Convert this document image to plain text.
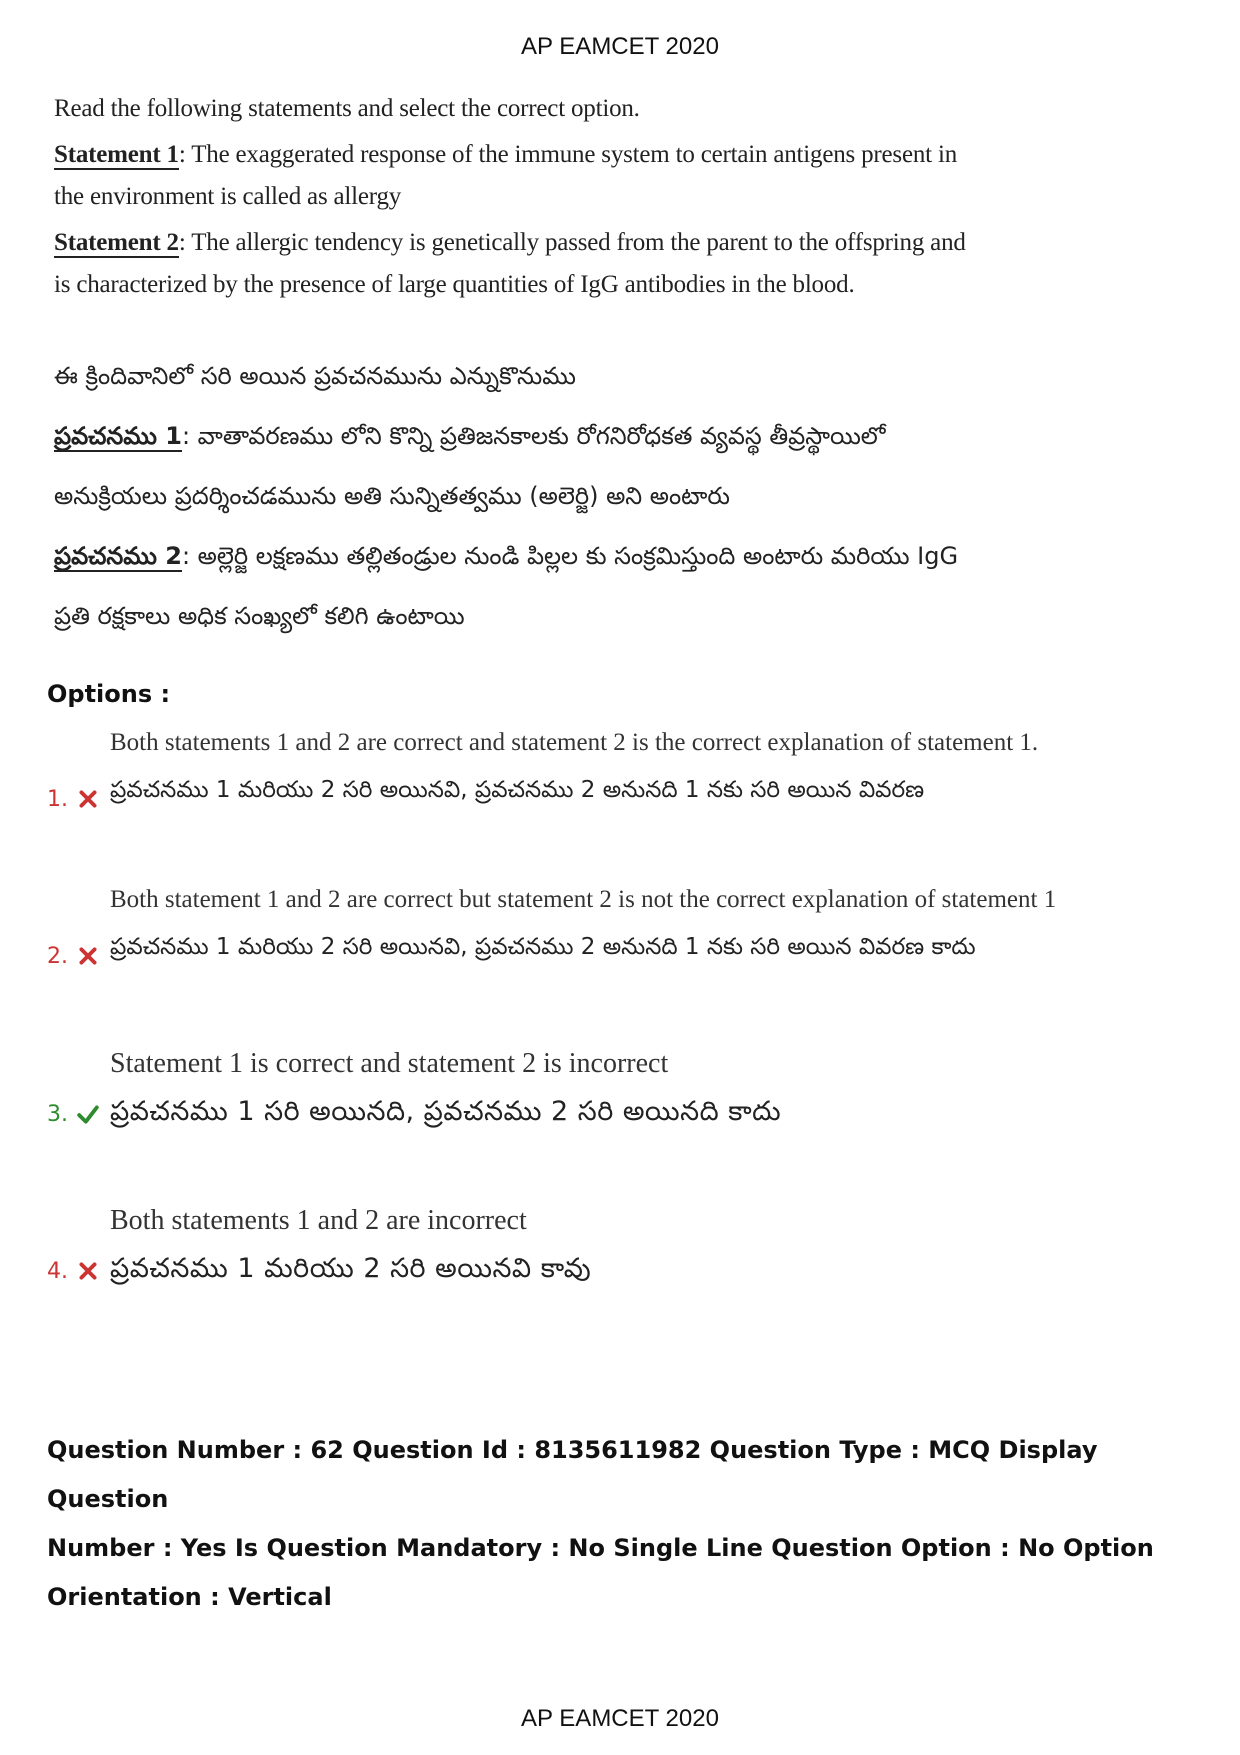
AP EAMCET 2020
Read the following statements and select the correct option.
Statement 1: The exaggerated response of the immune system to certain antigens present in
the environment is called as allergy
Statement 2: The allergic tendency is genetically passed from the parent to the offspring and
is characterized by the presence of large quantities of IgG antibodies in the blood.
ఈ క్రిందివానిలో సరి అయిన ప్రవచనమును ఎన్నుకొనుము
ప్రవచనము 1: వాతావరణము లోని కొన్ని ప్రతిజనకాలకు రోగనిరోధకత వ్యవస్థ తీవ్రస్థాయిలో
అనుక్రియలు ప్రదర్శించడమును అతి సున్నితత్వము (అలెర్జి) అని అంటారు
ప్రవచనము 2: అల్లెర్జి లక్షణము తల్లితండ్రుల నుండి పిల్లల కు సంక్రమిస్తుంది అంటారు మరియు IgG
ప్రతి రక్షకాలు అధిక సంఖ్యలో కలిగి ఉంటాయి
Options :
1.
Both statements 1 and 2 are correct and statement 2 is the correct explanation of statement 1.
ప్రవచనము 1 మరియు 2 సరి అయినవి, ప్రవచనము 2 అనునది 1 నకు సరి అయిన వివరణ
2.
Both statement 1 and 2 are correct but statement 2 is not the correct explanation of statement 1
ప్రవచనము 1 మరియు 2 సరి అయినవి, ప్రవచనము 2 అనునది 1 నకు సరి అయిన వివరణ కాదు
3.
Statement 1 is correct and statement 2 is incorrect
ప్రవచనము 1 సరి అయినది, ప్రవచనము 2 సరి అయినది కాదు
4.
Both statements 1 and 2 are incorrect
ప్రవచనము 1 మరియు 2 సరి అయినవి కావు
Question Number : 62 Question Id : 8135611982 Question Type : MCQ Display Question
Number : Yes Is Question Mandatory : No Single Line Question Option : No Option
Orientation : Vertical
AP EAMCET 2020
